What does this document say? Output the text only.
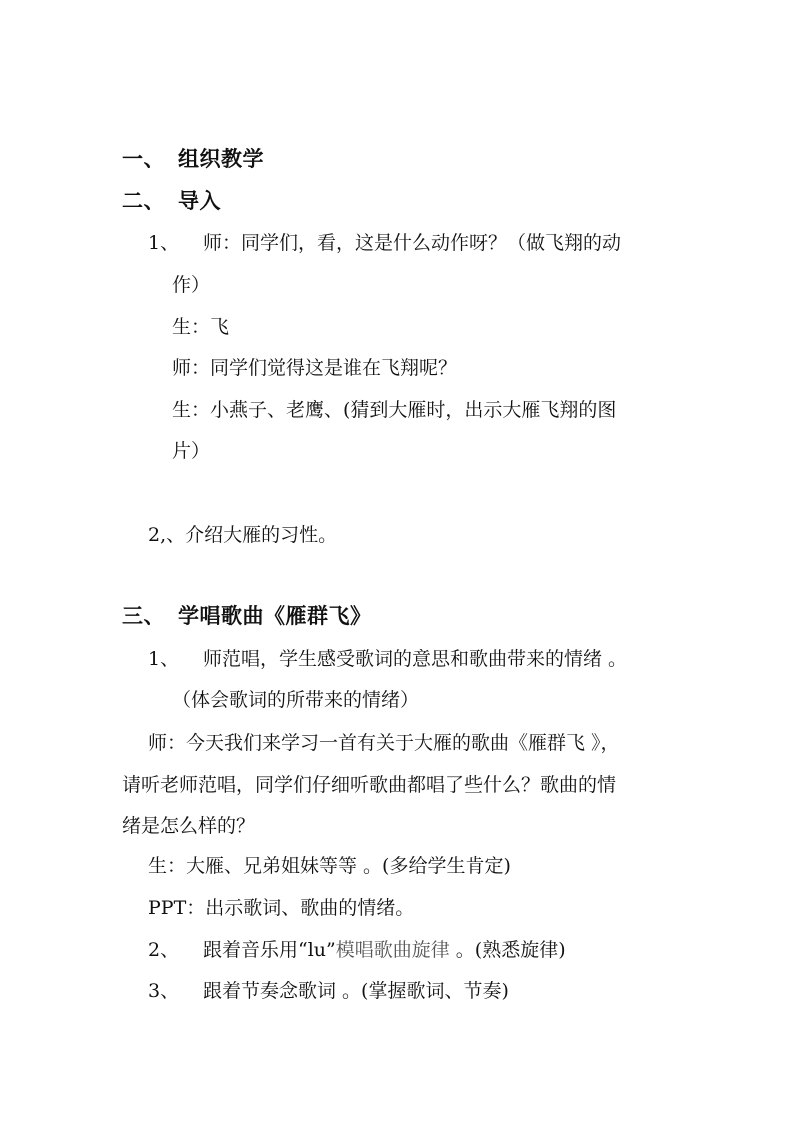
一、 组织教学
二、 导入
1、 师：同学们，看，这是什么动作呀？（做飞翔的动
作）
生：飞
师：同学们觉得这是谁在飞翔呢？
生：小燕子、老鹰、(猜到大雁时，出示大雁飞翔的图
片）
2,、介绍大雁的习性。
三、 学唱歌曲《雁群飞》
1、 师范唱，学生感受歌词的意思和歌曲带来的情绪 。
（体会歌词的所带来的情绪）
师：今天我们来学习一首有关于大雁的歌曲《雁群飞 》，
请听老师范唱，同学们仔细听歌曲都唱了些什么？歌曲的情
绪是怎么样的？
生：大雁、兄弟姐妹等等 。(多给学生肯定)
PPT：出示歌词、歌曲的情绪。
2、 跟着音乐用“lu”模唱歌曲旋律 。(熟悉旋律)
3、 跟着节奏念歌词 。(掌握歌词、节奏)
